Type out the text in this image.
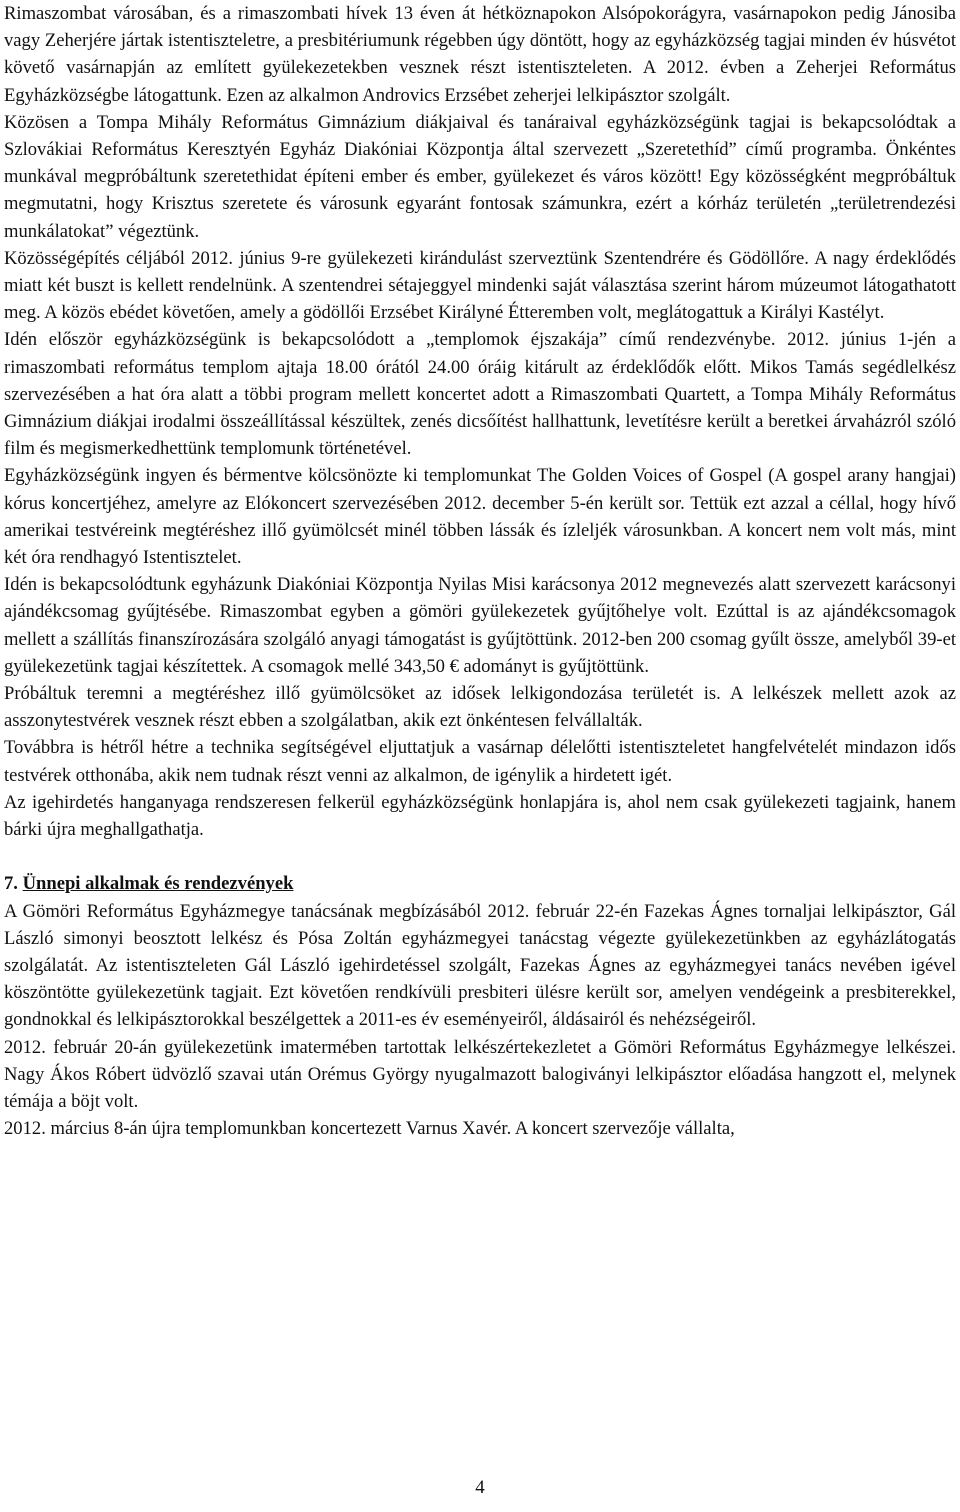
Rimaszombat városában, és a rimaszombati hívek 13 éven át hétköznapokon Alsópokorágyra, vasárnapokon pedig Jánosiba vagy Zeherjére jártak istentiszteletre, a presbitériumunk régebben úgy döntött, hogy az egyházközség tagjai minden év húsvétot követő vasárnapján az említett gyülekezetekben vesznek részt istentiszteleten. A 2012. évben a Zeherjei Református Egyházközségbe látogattunk. Ezen az alkalmon Androvics Erzsébet zeherjei lelkipásztor szolgált.

Közösen a Tompa Mihály Református Gimnázium diákjaival és tanáraival egyházközségünk tagjai is bekapcsolódtak a Szlovákiai Református Keresztyén Egyház Diakóniai Központja által szervezett „Szeretethíd” című programba. Önkéntes munkával megpróbáltunk szeretethidat építeni ember és ember, gyülekezet és város között! Egy közösségként megpróbáltuk megmutatni, hogy Krisztus szeretete és városunk egyaránt fontosak számunkra, ezért a kórház területén „területrendezési munkálatokat” végeztünk.

Közösségépítés céljából 2012. június 9-re gyülekezeti kirándulást szerveztünk Szentendrére és Gödöllőre. A nagy érdeklődés miatt két buszt is kellett rendelnünk. A szentendrei sétajeggyel mindenki saját választása szerint három múzeumot látogathatott meg. A közös ebédet követően, amely a gödöllői Erzsébet Királyné Étteremben volt, meglátogattuk a Királyi Kastélyt.

Idén először egyházközségünk is bekapcsolódott a „templomok éjszakája” című rendezvénybe. 2012. június 1-jén a rimaszombati református templom ajtaja 18.00 órától 24.00 óráig kitárult az érdeklődők előtt. Mikos Tamás segédlelkész szervezésében a hat óra alatt a többi program mellett koncertet adott a Rimaszombati Quartett, a Tompa Mihály Református Gimnázium diákjai irodalmi összeállítással készültek, zenés dicsőítést hallhattunk, levetítésre került a beretkei árvaházról szóló film és megismerkedhettünk templomunk történetével.

Egyházközségünk ingyen és bérmentve kölcsönözte ki templomunkat The Golden Voices of Gospel (A gospel arany hangjai) kórus koncertjéhez, amelyre az Elókoncert szervezésében 2012. december 5-én került sor. Tettük ezt azzal a céllal, hogy hívő amerikai testvéreink megtéréshez illő gyümölcsét minél többen lássák és ízleljék városunkban. A koncert nem volt más, mint két óra rendhagyó Istentisztelet.

Idén is bekapcsolódtunk egyházunk Diakóniai Központja Nyilas Misi karácsonya 2012 megnevezés alatt szervezett karácsonyi ajándékcsomag gyűjtésébe. Rimaszombat egyben a gömöri gyülekezetek gyűjtőhelye volt. Ezúttal is az ajándékcsomagok mellett a szállítás finanszírozására szolgáló anyagi támogatást is gyűjtöttünk. 2012-ben 200 csomag gyűlt össze, amelyből 39-et gyülekezetünk tagjai készítettek. A csomagok mellé 343,50 € adományt is gyűjtöttünk.

Próbáltuk teremni a megtéréshez illő gyümölcsöket az idősek lelkigondozása területét is. A lelkészek mellett azok az asszonytestvérek vesznek részt ebben a szolgálatban, akik ezt önkéntesen felvállalták.

Továbbra is hétről hétre a technika segítségével eljuttatjuk a vasárnap délelőtti istentiszteletet hangfelvételét mindazon idős testvérek otthonába, akik nem tudnak részt venni az alkalmon, de igénylik a hirdetett igét.

Az igehirdetés hanganyaga rendszeresen felkerül egyházközségünk honlapjára is, ahol nem csak gyülekezeti tagjaink, hanem bárki újra meghallgathatja.

7. Ünnepi alkalmak és rendezvények

A Gömöri Református Egyházmegye tanácsának megbízásából 2012. február 22-én Fazekas Ágnes tornaljai lelkipásztor, Gál László simonyi beosztott lelkész és Pósa Zoltán egyházmegyei tanácstag végezte gyülekezetünkben az egyházlátogatás szolgálatát. Az istentiszteleten Gál László igehirdetéssel szolgált, Fazekas Ágnes az egyházmegyei tanács nevében igével köszöntötte gyülekezetünk tagjait. Ezt követően rendkívüli presbiteri ülésre került sor, amelyen vendégeink a presbiterekkel, gondnokkal és lelkipásztorokkal beszélgettek a 2011-es év eseményeiről, áldásairól és nehézségeiről.

2012. február 20-án gyülekezetünk imatermében tartottak lelkészértekezletet a Gömöri Református Egyházmegye lelkészei. Nagy Ákos Róbert üdvözlő szavai után Orémus György nyugalmazott balogiványi lelkipásztor előadása hangzott el, melynek témája a böjt volt.

2012. március 8-án újra templomunkban koncertezett Varnus Xavér. A koncert szervezője vállalta,

4
